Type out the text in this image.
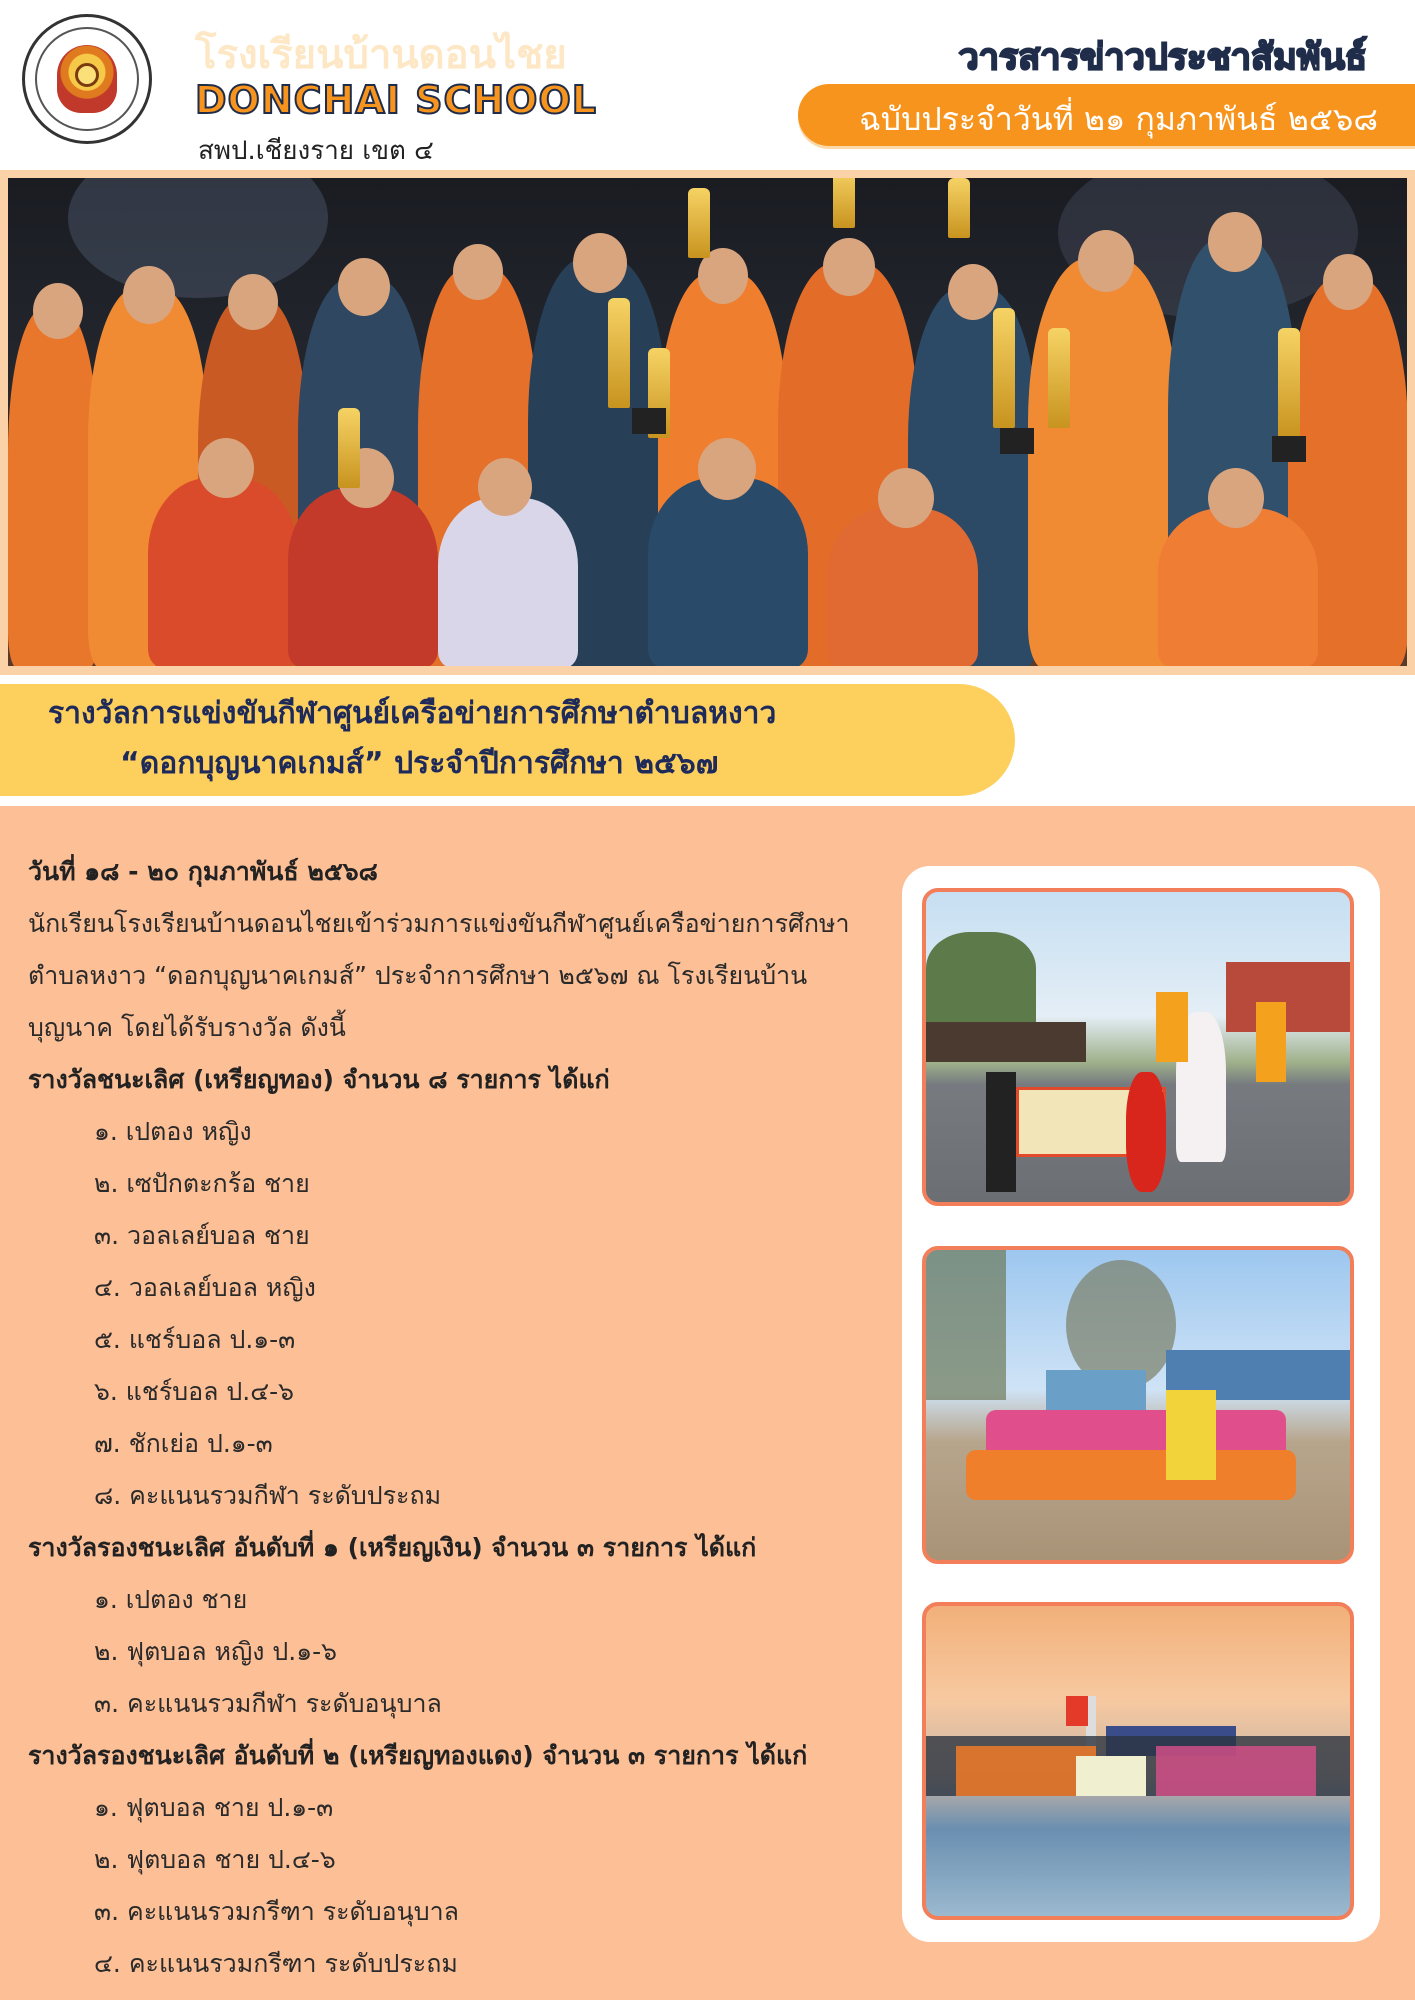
โรงเรียนบ้านดอนไชย
DONCHAI SCHOOL
สพป.เชียงราย เขต ๔
วารสารข่าวประชาสัมพันธ์
ฉบับประจำวันที่ ๒๑ กุมภาพันธ์ ๒๕๖๘
รางวัลการแข่งขันกีฬาศูนย์เครือข่ายการศึกษาตำบลหงาว
“ดอกบุญนาคเกมส์” ประจำปีการศึกษา ๒๕๖๗
วันที่ ๑๘ - ๒๐ กุมภาพันธ์ ๒๕๖๘
นักเรียนโรงเรียนบ้านดอนไชยเข้าร่วมการแข่งขันกีฬาศูนย์เครือข่ายการศึกษา
ตำบลหงาว “ดอกบุญนาคเกมส์” ประจำการศึกษา ๒๕๖๗ ณ โรงเรียนบ้าน
บุญนาค โดยได้รับรางวัล ดังนี้
รางวัลชนะเลิศ (เหรียญทอง) จำนวน ๘ รายการ ได้แก่
๑. เปตอง หญิง
๒. เซปักตะกร้อ ชาย
๓. วอลเลย์บอล ชาย
๔. วอลเลย์บอล หญิง
๕. แชร์บอล ป.๑-๓
๖. แชร์บอล ป.๔-๖
๗. ชักเย่อ ป.๑-๓
๘. คะแนนรวมกีฬา ระดับประถม
รางวัลรองชนะเลิศ อันดับที่ ๑ (เหรียญเงิน) จำนวน ๓ รายการ ได้แก่
๑. เปตอง ชาย
๒. ฟุตบอล หญิง ป.๑-๖
๓. คะแนนรวมกีฬา ระดับอนุบาล
รางวัลรองชนะเลิศ อันดับที่ ๒ (เหรียญทองแดง) จำนวน ๓ รายการ ได้แก่
๑. ฟุตบอล ชาย ป.๑-๓
๒. ฟุตบอล ชาย ป.๔-๖
๓. คะแนนรวมกรีฑา ระดับอนุบาล
๔. คะแนนรวมกรีฑา ระดับประถม
